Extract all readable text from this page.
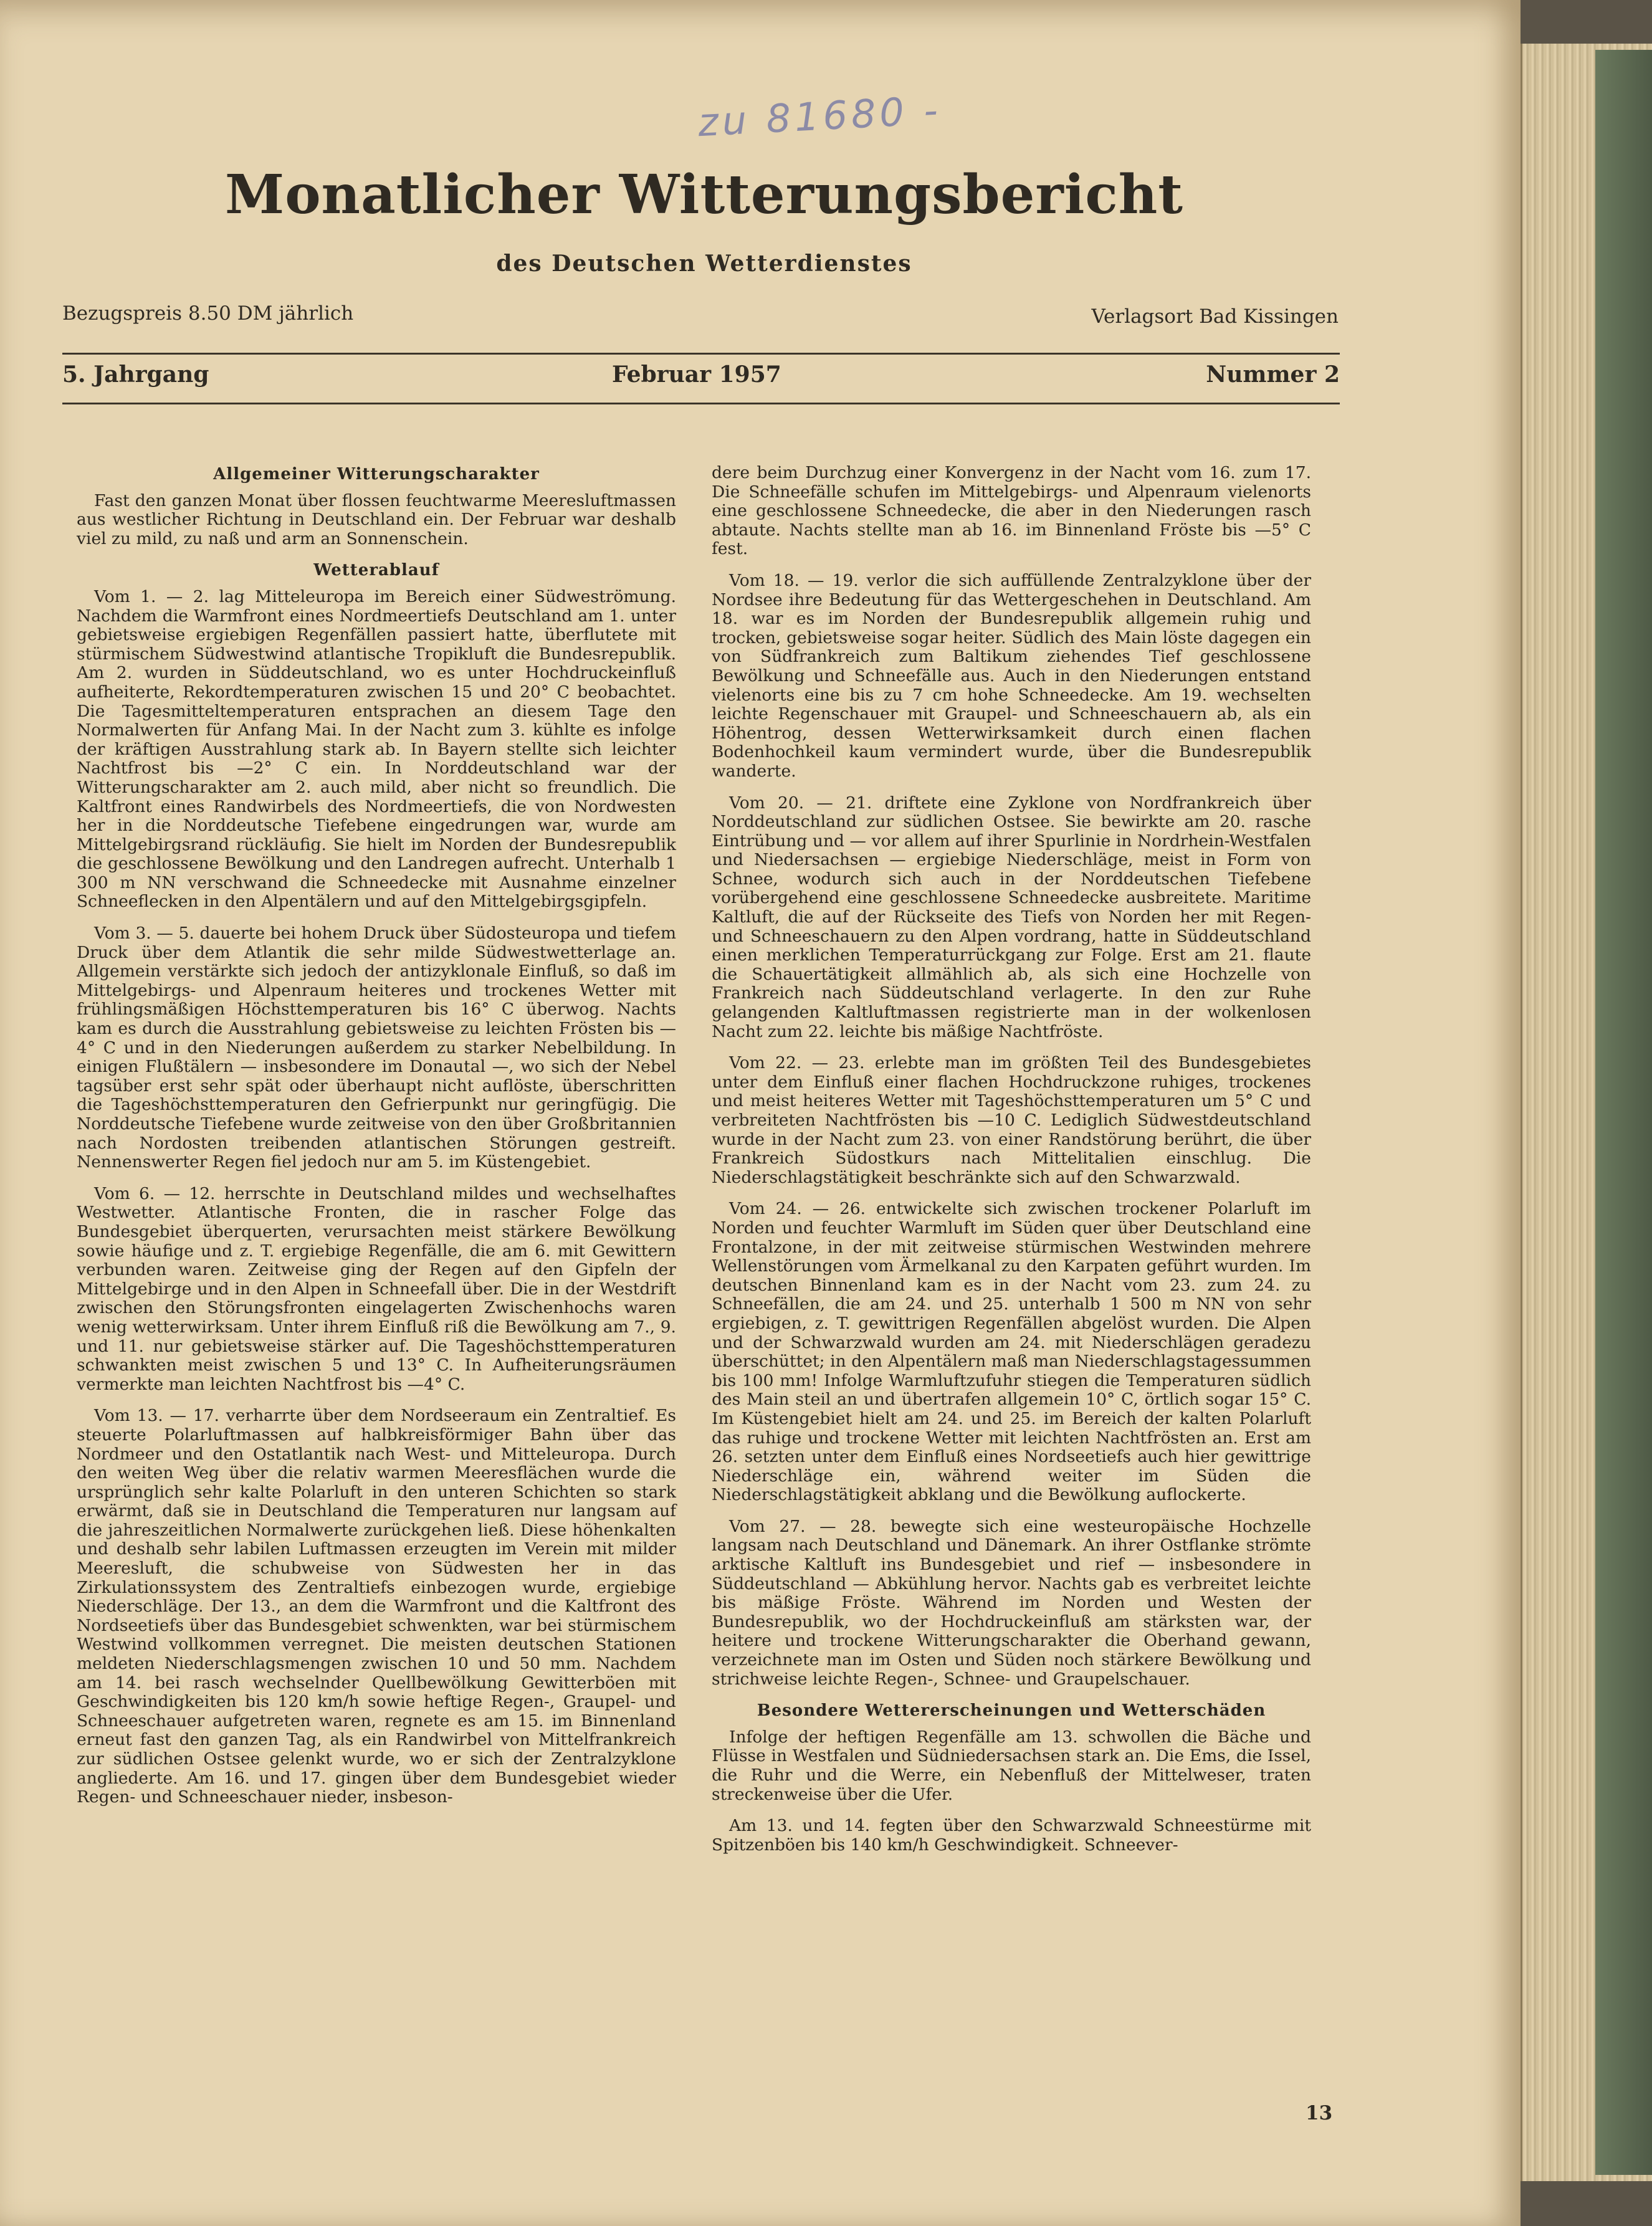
zu 81680 -
Monatlicher Witterungsbericht
des Deutschen Wetterdienstes
Bezugspreis 8.50 DM jährlich	Verlagsort Bad Kissingen
5. Jahrgang	Februar 1957	Nummer 2
Allgemeiner Witterungscharakter

Fast den ganzen Monat über flossen feuchtwarme Meeresluftmassen aus westlicher Richtung in Deutschland ein. Der Februar war deshalb viel zu mild, zu naß und arm an Sonnenschein.

Wetterablauf

Vom 1. — 2. lag Mitteleuropa im Bereich einer Südweströmung. Nachdem die Warmfront eines Nordmeertiefs Deutschland am 1. unter gebietsweise ergiebigen Regenfällen passiert hatte, überflutete mit stürmischem Südwestwind atlantische Tropikluft die Bundesrepublik. Am 2. wurden in Süddeutschland, wo es unter Hochdruckeinfluß aufheiterte, Rekordtemperaturen zwischen 15 und 20° C beobachtet. Die Tagesmitteltemperaturen entsprachen an diesem Tage den Normalwerten für Anfang Mai. In der Nacht zum 3. kühlte es infolge der kräftigen Ausstrahlung stark ab. In Bayern stellte sich leichter Nachtfrost bis —2° C ein. In Norddeutschland war der Witterungscharakter am 2. auch mild, aber nicht so freundlich. Die Kaltfront eines Randwirbels des Nordmeertiefs, die von Nordwesten her in die Norddeutsche Tiefebene eingedrungen war, wurde am Mittelgebirgsrand rückläufig. Sie hielt im Norden der Bundesrepublik die geschlossene Bewölkung und den Landregen aufrecht. Unterhalb 1 300 m NN verschwand die Schneedecke mit Ausnahme einzelner Schneeflecken in den Alpentälern und auf den Mittelgebirgsgipfeln.

Vom 3. — 5. dauerte bei hohem Druck über Südosteuropa und tiefem Druck über dem Atlantik die sehr milde Südwestwetterlage an. Allgemein verstärkte sich jedoch der antizyklonale Einfluß, so daß im Mittelgebirgs- und Alpenraum heiteres und trockenes Wetter mit frühlingsmäßigen Höchsttemperaturen bis 16° C überwog. Nachts kam es durch die Ausstrahlung gebietsweise zu leichten Frösten bis —4° C und in den Niederungen außerdem zu starker Nebelbildung. In einigen Flußtälern — insbesondere im Donautal —, wo sich der Nebel tagsüber erst sehr spät oder überhaupt nicht auflöste, überschritten die Tageshöchsttemperaturen den Gefrierpunkt nur geringfügig. Die Norddeutsche Tiefebene wurde zeitweise von den über Großbritannien nach Nordosten treibenden atlantischen Störungen gestreift. Nennenswerter Regen fiel jedoch nur am 5. im Küstengebiet.

Vom 6. — 12. herrschte in Deutschland mildes und wechselhaftes Westwetter. Atlantische Fronten, die in rascher Folge das Bundesgebiet überquerten, verursachten meist stärkere Bewölkung sowie häufige und z. T. ergiebige Regenfälle, die am 6. mit Gewittern verbunden waren. Zeitweise ging der Regen auf den Gipfeln der Mittelgebirge und in den Alpen in Schneefall über. Die in der Westdrift zwischen den Störungsfronten eingelagerten Zwischenhochs waren wenig wetterwirksam. Unter ihrem Einfluß riß die Bewölkung am 7., 9. und 11. nur gebietsweise stärker auf. Die Tageshöchsttemperaturen schwankten meist zwischen 5 und 13° C. In Aufheiterungsräumen vermerkte man leichten Nachtfrost bis —4° C.

Vom 13. — 17. verharrte über dem Nordseeraum ein Zentraltief. Es steuerte Polarluftmassen auf halbkreisförmiger Bahn über das Nordmeer und den Ostatlantik nach West- und Mitteleuropa. Durch den weiten Weg über die relativ warmen Meeresflächen wurde die ursprünglich sehr kalte Polarluft in den unteren Schichten so stark erwärmt, daß sie in Deutschland die Temperaturen nur langsam auf die jahreszeitlichen Normalwerte zurückgehen ließ. Diese höhenkalten und deshalb sehr labilen Luftmassen erzeugten im Verein mit milder Meeresluft, die schubweise von Südwesten her in das Zirkulationssystem des Zentraltiefs einbezogen wurde, ergiebige Niederschläge. Der 13., an dem die Warmfront und die Kaltfront des Nordseetiefs über das Bundesgebiet schwenkten, war bei stürmischem Westwind vollkommen verregnet. Die meisten deutschen Stationen meldeten Niederschlagsmengen zwischen 10 und 50 mm. Nachdem am 14. bei rasch wechselnder Quellbewölkung Gewitterböen mit Geschwindigkeiten bis 120 km/h sowie heftige Regen-, Graupel- und Schneeschauer aufgetreten waren, regnete es am 15. im Binnenland erneut fast den ganzen Tag, als ein Randwirbel von Mittelfrankreich zur südlichen Ostsee gelenkt wurde, wo er sich der Zentralzyklone angliederte. Am 16. und 17. gingen über dem Bundesgebiet wieder Regen- und Schneeschauer nieder, insbeson-

dere beim Durchzug einer Konvergenz in der Nacht vom 16. zum 17. Die Schneefälle schufen im Mittelgebirgs- und Alpenraum vielenorts eine geschlossene Schneedecke, die aber in den Niederungen rasch abtaute. Nachts stellte man ab 16. im Binnenland Fröste bis —5° C fest.

Vom 18. — 19. verlor die sich auffüllende Zentralzyklone über der Nordsee ihre Bedeutung für das Wettergeschehen in Deutschland. Am 18. war es im Norden der Bundesrepublik allgemein ruhig und trocken, gebietsweise sogar heiter. Südlich des Main löste dagegen ein von Südfrankreich zum Baltikum ziehendes Tief geschlossene Bewölkung und Schneefälle aus. Auch in den Niederungen entstand vielenorts eine bis zu 7 cm hohe Schneedecke. Am 19. wechselten leichte Regenschauer mit Graupel- und Schneeschauern ab, als ein Höhentrog, dessen Wetterwirksamkeit durch einen flachen Bodenhochkeil kaum vermindert wurde, über die Bundesrepublik wanderte.

Vom 20. — 21. driftete eine Zyklone von Nordfrankreich über Norddeutschland zur südlichen Ostsee. Sie bewirkte am 20. rasche Eintrübung und — vor allem auf ihrer Spurlinie in Nordrhein-Westfalen und Niedersachsen — ergiebige Niederschläge, meist in Form von Schnee, wodurch sich auch in der Norddeutschen Tiefebene vorübergehend eine geschlossene Schneedecke ausbreitete. Maritime Kaltluft, die auf der Rückseite des Tiefs von Norden her mit Regen- und Schneeschauern zu den Alpen vordrang, hatte in Süddeutschland einen merklichen Temperaturrückgang zur Folge. Erst am 21. flaute die Schauertätigkeit allmählich ab, als sich eine Hochzelle von Frankreich nach Süddeutschland verlagerte. In den zur Ruhe gelangenden Kaltluftmassen registrierte man in der wolkenlosen Nacht zum 22. leichte bis mäßige Nachtfröste.

Vom 22. — 23. erlebte man im größten Teil des Bundesgebietes unter dem Einfluß einer flachen Hochdruckzone ruhiges, trockenes und meist heiteres Wetter mit Tageshöchsttemperaturen um 5° C und verbreiteten Nachtfrösten bis —10 C. Lediglich Südwestdeutschland wurde in der Nacht zum 23. von einer Randstörung berührt, die über Frankreich Südostkurs nach Mittelitalien einschlug. Die Niederschlagstätigkeit beschränkte sich auf den Schwarzwald.

Vom 24. — 26. entwickelte sich zwischen trockener Polarluft im Norden und feuchter Warmluft im Süden quer über Deutschland eine Frontalzone, in der mit zeitweise stürmischen Westwinden mehrere Wellenstörungen vom Ärmelkanal zu den Karpaten geführt wurden. Im deutschen Binnenland kam es in der Nacht vom 23. zum 24. zu Schneefällen, die am 24. und 25. unterhalb 1 500 m NN von sehr ergiebigen, z. T. gewittrigen Regenfällen abgelöst wurden. Die Alpen und der Schwarzwald wurden am 24. mit Niederschlägen geradezu überschüttet; in den Alpentälern maß man Niederschlagstagessummen bis 100 mm! Infolge Warmluftzufuhr stiegen die Temperaturen südlich des Main steil an und übertrafen allgemein 10° C, örtlich sogar 15° C. Im Küstengebiet hielt am 24. und 25. im Bereich der kalten Polarluft das ruhige und trockene Wetter mit leichten Nachtfrösten an. Erst am 26. setzten unter dem Einfluß eines Nordseetiefs auch hier gewittrige Niederschläge ein, während weiter im Süden die Niederschlagstätigkeit abklang und die Bewölkung auflockerte.

Vom 27. — 28. bewegte sich eine westeuropäische Hochzelle langsam nach Deutschland und Dänemark. An ihrer Ostflanke strömte arktische Kaltluft ins Bundesgebiet und rief — insbesondere in Süddeutschland — Abkühlung hervor. Nachts gab es verbreitet leichte bis mäßige Fröste. Während im Norden und Westen der Bundesrepublik, wo der Hochdruckeinfluß am stärksten war, der heitere und trockene Witterungscharakter die Oberhand gewann, verzeichnete man im Osten und Süden noch stärkere Bewölkung und strichweise leichte Regen-, Schnee- und Graupelschauer.

Besondere Wettererscheinungen und Wetterschäden

Infolge der heftigen Regenfälle am 13. schwollen die Bäche und Flüsse in Westfalen und Südniedersachsen stark an. Die Ems, die Issel, die Ruhr und die Werre, ein Nebenfluß der Mittelweser, traten streckenweise über die Ufer.

Am 13. und 14. fegten über den Schwarzwald Schneestürme mit Spitzenböen bis 140 km/h Geschwindigkeit. Schneever-

13
